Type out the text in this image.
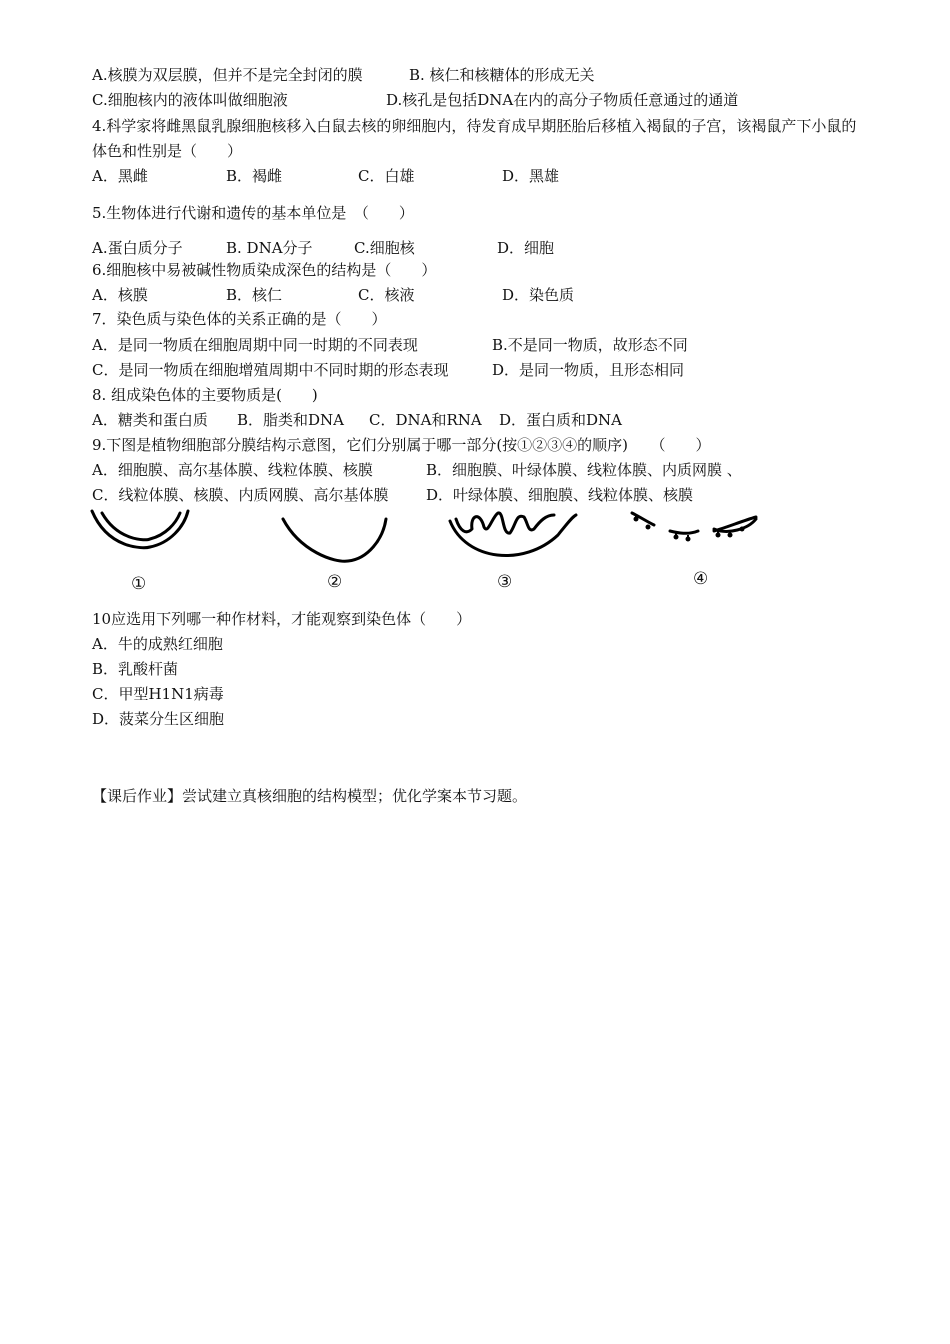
A.核膜为双层膜，但并不是完全封闭的膜	B. 核仁和核糖体的形成无关
C.细胞核内的液体叫做细胞液	D.核孔是包括DNA在内的高分子物质任意通过的通道
4.科学家将雌黑鼠乳腺细胞核移入白鼠去核的卵细胞内，待发育成早期胚胎后移植入褐鼠的子宫，该褐鼠产下小鼠的体色和性别是（　　）
A．黑雌	B．褐雌	C．白雄	D．黑雄
5.生物体进行代谢和遗传的基本单位是　（　　）
A.蛋白质分子	B. DNA分子	C.细胞核	D．细胞
6.细胞核中易被碱性物质染成深色的结构是（　　）
A．核膜	B．核仁	C．核液	D．染色质
7．染色质与染色体的关系正确的是（　　）
A．是同一物质在细胞周期中同一时期的不同表现	B.不是同一物质，故形态不同
C．是同一物质在细胞增殖周期中不同时期的形态表现	D．是同一物质，且形态相同
8. 组成染色体的主要物质是(　　)
A．糖类和蛋白质 B．脂类和DNA C．DNA和RNA D．蛋白质和DNA
9.下图是植物细胞部分膜结构示意图，它们分别属于哪一部分(按①②③④的顺序)　　（　　）
A．细胞膜、高尔基体膜、线粒体膜、核膜	B．细胞膜、叶绿体膜、线粒体膜、内质网膜 、
C．线粒体膜、核膜、内质网膜、高尔基体膜	D．叶绿体膜、细胞膜、线粒体膜、核膜
①	②	③	④
10应选用下列哪一种作材料，才能观察到染色体（　　）
A．牛的成熟红细胞
B．乳酸杆菌
C．甲型H1N1病毒
D．菠菜分生区细胞
【课后作业】尝试建立真核细胞的结构模型；优化学案本节习题。
